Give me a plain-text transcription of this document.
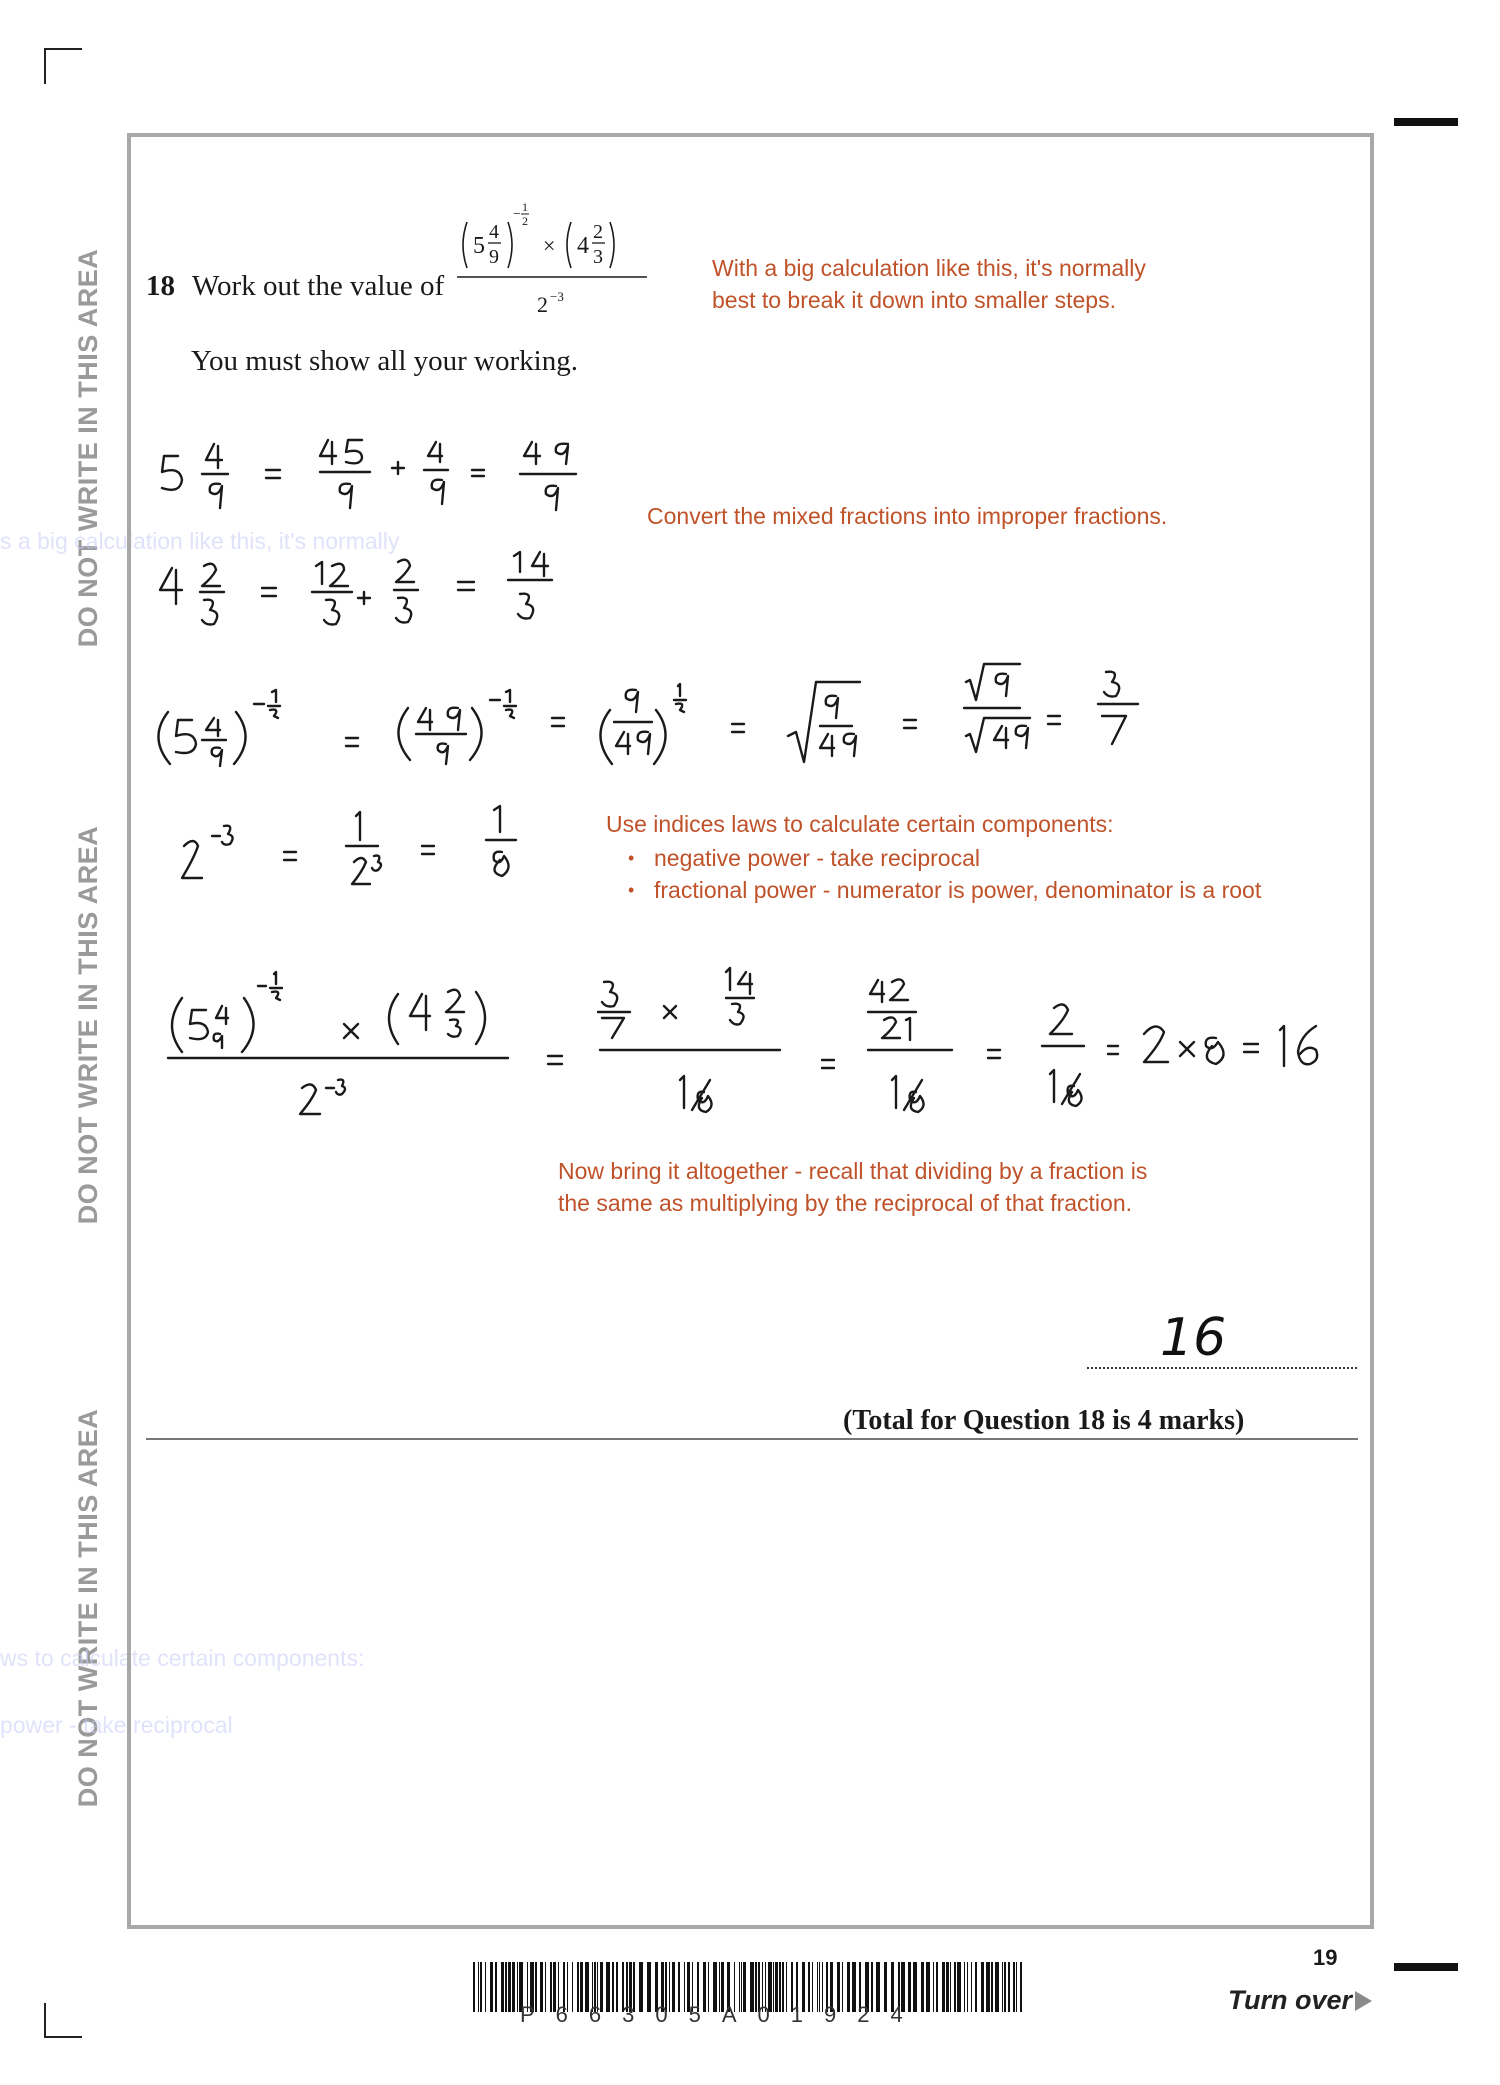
DO NOT WRITE IN THIS AREA
DO NOT WRITE IN THIS AREA
DO NOT WRITE IN THIS AREA
s a big calculation like this, it's normally
ws to calculate certain components:
power - take reciprocal
18 Work out the value of
5
4
9
− 1
2
× 4
2
3
2 −3
You must show all your working.
With a big calculation like this, it's normally
best to break it down into smaller steps.
Convert the mixed fractions into improper fractions.
Use indices laws to calculate certain components:
• negative power - take reciprocal
• fractional power - numerator is power, denominator is a root
Now bring it altogether - recall that dividing by a fraction is
the same as multiplying by the reciprocal of that fraction.
16
(Total for Question 18 is 4 marks)
19
Turn over
P66305A01924
